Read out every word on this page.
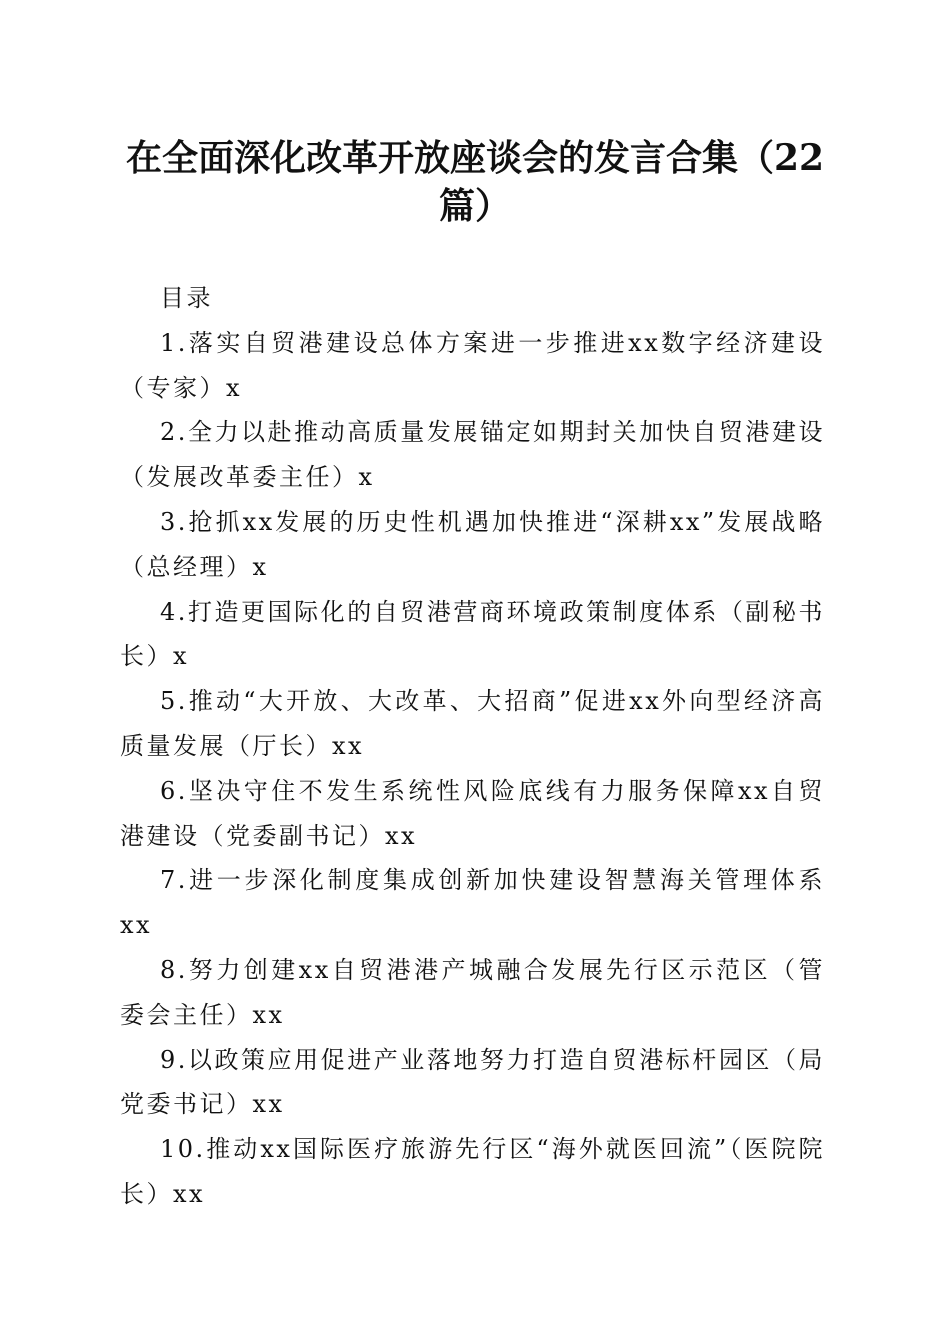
在全面深化改革开放座谈会的发言合集（22篇）

目录

1.落实自贸港建设总体方案进一步推进xx数字经济建设（专家）x
2.全力以赴推动高质量发展锚定如期封关加快自贸港建设（发展改革委主任）x
3.抢抓xx发展的历史性机遇加快推进“深耕xx”发展战略（总经理）x
4.打造更国际化的自贸港营商环境政策制度体系（副秘书长）x
5.推动“大开放、大改革、大招商”促进xx外向型经济高质量发展（厅长）xx
6.坚决守住不发生系统性风险底线有力服务保障xx自贸港建设（党委副书记）xx
7.进一步深化制度集成创新加快建设智慧海关管理体系xx
8.努力创建xx自贸港港产城融合发展先行区示范区（管委会主任）xx
9.以政策应用促进产业落地努力打造自贸港标杆园区（局党委书记）xx
10.推动xx国际医疗旅游先行区“海外就医回流”（医院院长）xx
